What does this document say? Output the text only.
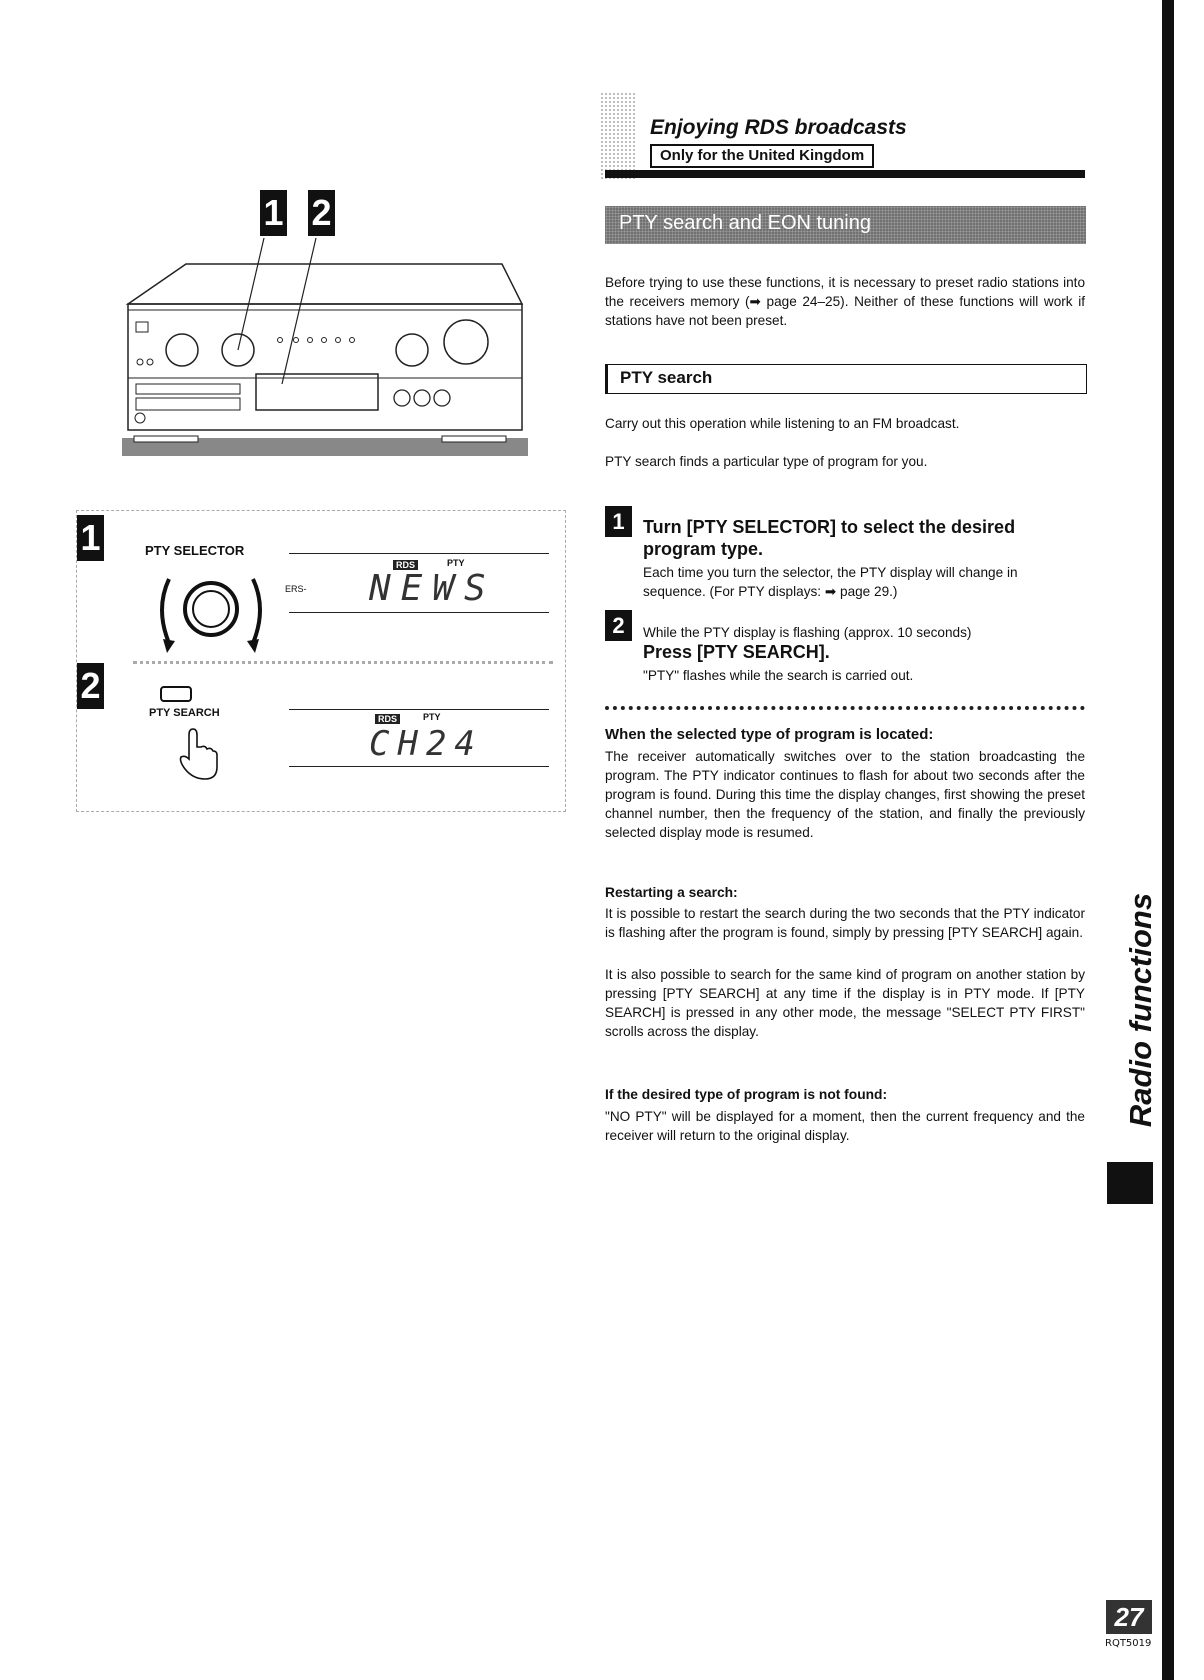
Enjoying RDS broadcasts
Only for the United Kingdom
PTY search and EON tuning
Before trying to use these functions, it is necessary to preset radio stations into the receivers memory (➡ page 24–25). Neither of these functions will work if stations have not been preset.
PTY search
Carry out this operation while listening to an FM broadcast.
PTY search finds a particular type of program for you.
1	Turn [PTY SELECTOR] to select the desired program type.
Each time you turn the selector, the PTY display will change in sequence. (For PTY displays: ➡ page 29.)
2	While the PTY display is flashing (approx. 10 seconds)
Press [PTY SEARCH].
"PTY" flashes while the search is carried out.
When the selected type of program is located:
The receiver automatically switches over to the station broadcasting the program. The PTY indicator continues to flash for about two seconds after the program is found. During this time the display changes, first showing the preset channel number, then the frequency of the station, and finally the previously selected display mode is resumed.
Restarting a search:
It is possible to restart the search during the two seconds that the PTY indicator is flashing after the program is found, simply by pressing [PTY SEARCH] again.
It is also possible to search for the same kind of program on another station by pressing [PTY SEARCH] at any time if the display is in PTY mode. If [PTY SEARCH] is pressed in any other mode, the message "SELECT PTY FIRST" scrolls across the display.
If the desired type of program is not found:
"NO PTY" will be displayed for a moment, then the current frequency and the receiver will return to the original display.
Radio functions
27
RQT5019
1 2
1	PTY SELECTOR
RDS	PTY
ERS- NEWS
2
PTY SEARCH	RDS	PTY
CH24
